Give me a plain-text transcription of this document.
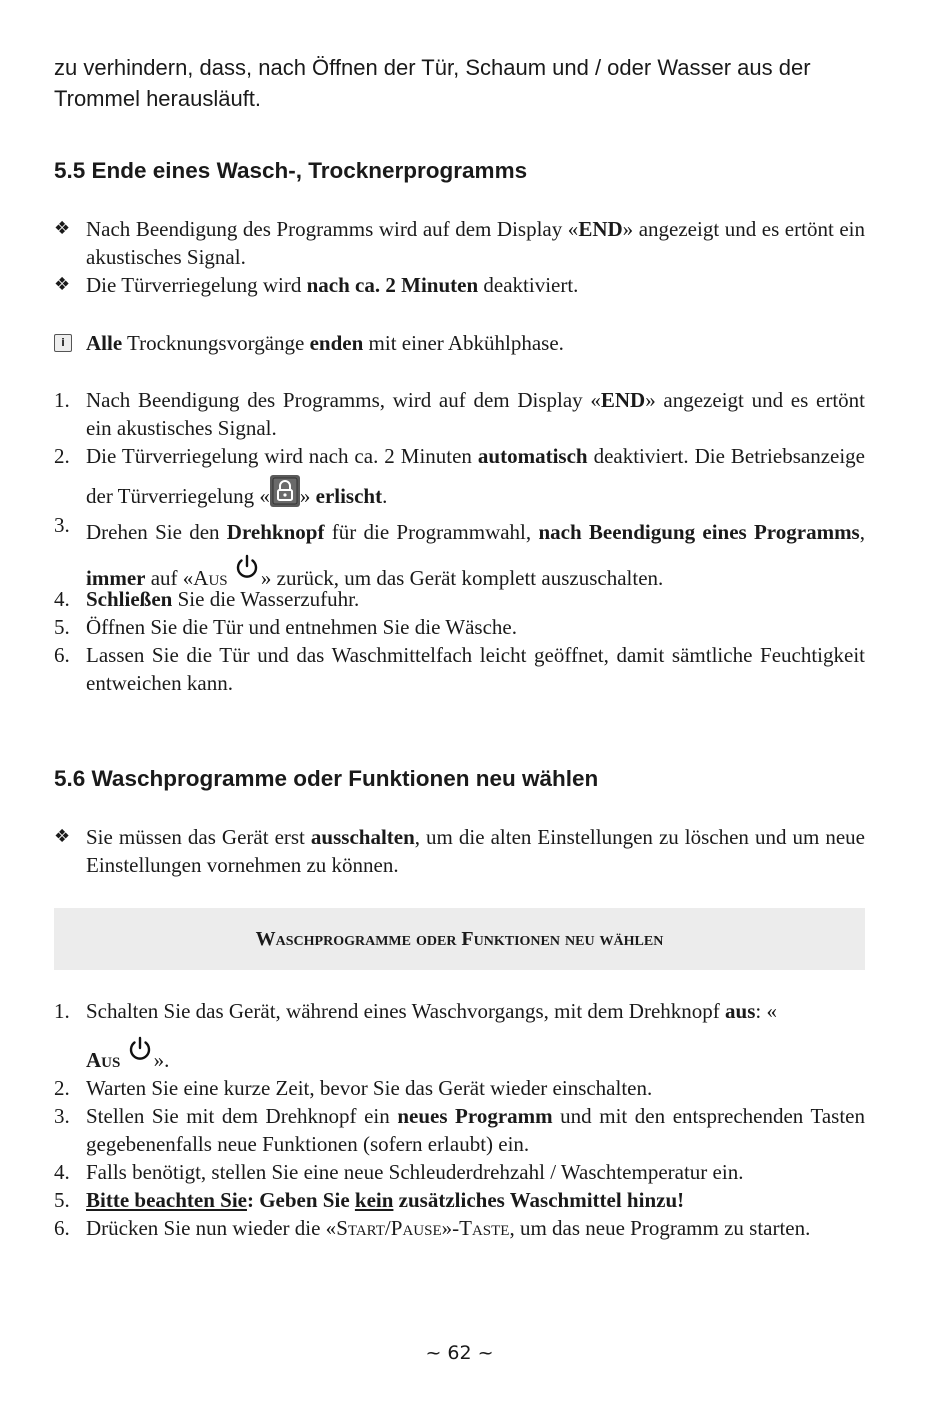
zu verhindern, dass, nach Öffnen der Tür, Schaum und / oder Wasser aus der Trommel herausläuft.
5.5 Ende eines Wasch-, Trocknerprogramms
❖ Nach Beendigung des Programms wird auf dem Display «END» angezeigt und es ertönt ein akustisches Signal.
❖ Die Türverriegelung wird nach ca. 2 Minuten deaktiviert.
i	Alle Trocknungsvorgänge enden mit einer Abkühlphase.
1. Nach Beendigung des Programms, wird auf dem Display «END» angezeigt und es ertönt ein akustisches Signal.
2. Die Türverriegelung wird nach ca. 2 Minuten automatisch deaktiviert. Die Betriebsanzeige der Türverriegelung « » erlischt.
3. Drehen Sie den Drehknopf für die Programmwahl, nach Beendigung eines Programms, immer auf «Aus » zurück, um das Gerät komplett auszuschalten.
4. Schließen Sie die Wasserzufuhr.
5. Öffnen Sie die Tür und entnehmen Sie die Wäsche.
6. Lassen Sie die Tür und das Waschmittelfach leicht geöffnet, damit sämtliche Feuchtigkeit entweichen kann.
5.6 Waschprogramme oder Funktionen neu wählen
❖ Sie müssen das Gerät erst ausschalten, um die alten Einstellungen zu löschen und um neue Einstellungen vornehmen zu können.
Waschprogramme oder Funktionen neu wählen
1. Schalten Sie das Gerät, während eines Waschvorgangs, mit dem Drehknopf aus: «
Aus ».
2. Warten Sie eine kurze Zeit, bevor Sie das Gerät wieder einschalten.
3. Stellen Sie mit dem Drehknopf ein neues Programm und mit den entsprechenden Tasten gegebenenfalls neue Funktionen (sofern erlaubt) ein.
4. Falls benötigt, stellen Sie eine neue Schleuderdrehzahl / Waschtemperatur ein.
5. Bitte beachten Sie: Geben Sie kein zusätzliches Waschmittel hinzu!
6. Drücken Sie nun wieder die «Start/Pause»-Taste, um das neue Programm zu starten.
~ 62 ~
